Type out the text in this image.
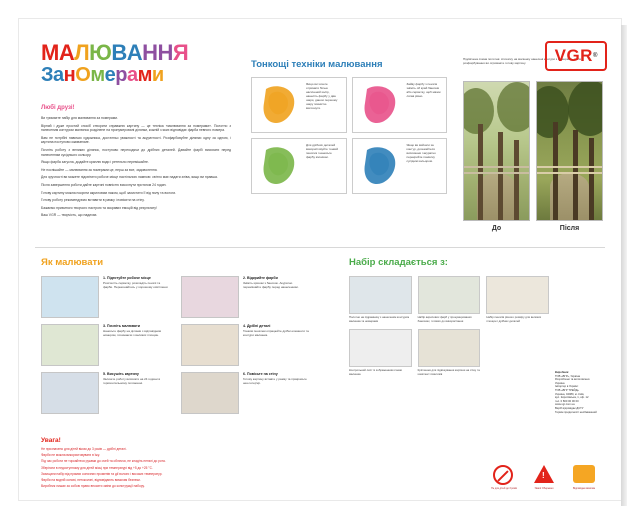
МАЛЮВАННЯ
ЗанОмерами
Любі друзі!

Ви тримаєте набір для малювання за номерами.

Вірний і дуже простий спосіб створити справжню картину — це техніка «малювання за номерами». Полотно з нанесеним контуром малюнка розділене на пронумеровані ділянки, кожній з яких відповідає фарба певного номера.

Вам не потрібні навички художника, достатньо уважності та акуратності. Розфарбовуйте ділянки одну за одною, і картина поступово оживатиме.

Почніть роботу з великих ділянок, поступово переходячи до дрібних деталей. Давайте фарбі висихати перед нанесенням сусіднього кольору.

Якщо фарба загусла, додайте краплю води і ретельно перемішайте.

Не поспішайте — малювання за номерами це, перш за все, задоволення.

Для зручності ви можете підсвітити робоче місце настільною лампою: світло має падати зліва, якщо ви правша.

Після завершення роботи дайте картині повністю висохнути протягом 24 годин.

Готову картину можна покрити акриловим лаком, щоб захистити її від пилу та вологи.

Готову роботу рекомендуємо вставити в рамку і повісити на стіну.

Бажаємо приємного творчого настрою та яскравих емоцій від результату!

Ваш VGR — творчість, що надихає.

Тонкощі техніки малювання
Якщо ви хочете отримати більш насичений колір, нанесіть фарбу у два шари, даючи першому шару повністю висохнути.
Зайву фарбу з пензля зніміть об край баночки або серветку, щоб мазок лягав рівно.
Для дрібних деталей використовуйте тонкий пензлик і наносьте фарбу кінчиком.
Якщо ви вийшли за контур, дочекайтеся висихання і акуратно перекрийте помилку сусіднім кольором.
Підсвічена схема полотна: спочатку на малюнку нанесені контури з номерами, після розфарбування ви отримаєте готову картину.
До	Після
VGR ®
Як малювати
1. Підготуйте робоче місце
Розстеліть серветку, розкладіть пензлі та фарби. Переконайтесь у хорошому освітленні.
2. Відкрийте фарби
Зніміть кришки з баночок. Акуратно перемішайте фарбу перед нанесенням.
3. Почніть малювати
Наносьте фарбу на ділянки з відповідним номером, починаючи з великих площин.
4. Дрібні деталі
Тонким пензлем опрацюйте дрібні елементи та контури малюнка.
5. Висушіть картину
Залиште роботу висихати на 24 години в горизонтальному положенні.
6. Повісьте на стіну
Готову картину вставте у рамку та прикрасьте нею інтер'єр.
Набір складається з:
Полотно на підрамнику з нанесеним контуром малюнка та номерами
Набір акрилових фарб у пронумерованих баночках, готових до використання
Набір пензлів різного розміру для великих площин і дрібних деталей
Контрольний лист із зображенням схеми малюнка
Кріплення для підвішування картини на стіну та комплект гвинтиків	Виробник:
ТОВ «ВГР», Україна
Розроблено та виготовлено:
Україна
Імпортер в Україні:
ТОВ «ВГР ТРЕЙД»
Україна, 04080, м. Київ,
вул. Кирилівська, 1, оф. 12
тел. 0 800 00 00 00
www.vgr.com.ua
Виріб відповідає ДСТУ
Термін придатності необмежений
Увага!

Не призначено для дітей віком до 3 років — дрібні деталі.

Фарби не можна використовувати в їжу.

Під час роботи не торкайтеся руками до очей та обличчя, не кладіть пензлі до рота.

Зберігати в недоступному для дітей місці при температурі від +5 до +25 °C.

Захищати набір від прямих сонячних променів та дії вологи і високих температур.

Фарби на водній основі, нетоксичні, відповідають вимогам безпеки.

Виробник лишає за собою право вносити зміни до конструкції набору.

Не для дітей до 3 років
!	Увага! Обережно	Відповідає вимогам
